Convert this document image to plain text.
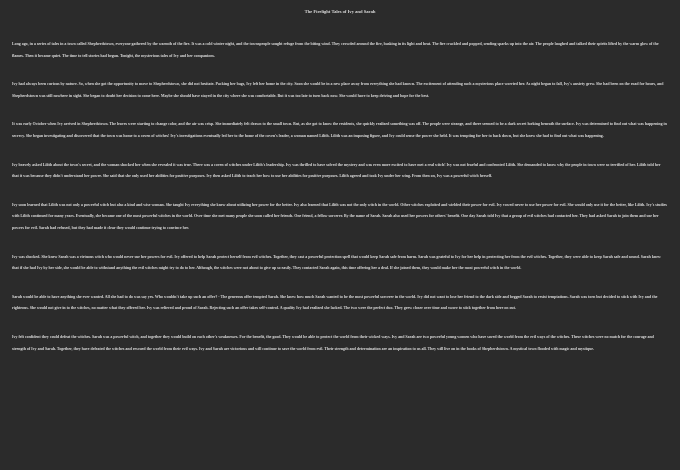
The Firelight Tales of Ivy and Sarah

Long ago, in a series of tales in a town called Shepherdstown, everyone gathered by the warmth of the fire. It was a cold winter night, and the townspeople sought refuge from the biting wind. They crowded around the fire, basking in its light and heat. The fire crackled and popped, sending sparks up into the air. The people laughed and talked their spirits lifted by the warm glow of the flames. Then it became quiet. The time to tell stories had begun. Tonight, the mysterious tales of Ivy and her companions.

Ivy had always been curious by nature. So, when she got the opportunity to move to Shepherdstown, she did not hesitate. Packing her bags, Ivy left her home in the city. Soon she would be in a new place away from everything she had known. The excitement of attending such a mysterious place worried her. As night began to fall, Ivy's anxiety grew. She had been on the road for hours, and Shepherdstown was still nowhere in sight. She began to doubt her decision to come here. Maybe she should have stayed in the city where she was comfortable. But it was too late to turn back now. She would have to keep driving and hope for the best.

It was early October when Ivy arrived in Shepherdstown. The leaves were starting to change color, and the air was crisp. She immediately felt drawn to the small town. But, as she got to know the residents, she quickly realized something was off. The people were strange, and there seemed to be a dark secret lurking beneath the surface. Ivy was determined to find out what was happening in secrecy. She began investigating and discovered that the town was home to a coven of witches! Ivy's investigations eventually led her to the home of the coven's leader, a woman named Lilith. Lilith was an imposing figure, and Ivy could sense the power she held. It was tempting for her to back down, but she knew she had to find out what was happening.

Ivy bravely asked Lilith about the town's secret, and the woman shocked her when she revealed it was true. There was a coven of witches under Lilith's leadership. Ivy was thrilled to have solved the mystery and was even more excited to have met a real witch! Ivy was not fearful and confronted Lilith. She demanded to know why the people in town were so terrified of her. Lilith told her that it was because they didn't understand her power. She said that she only used her abilities for positive purposes. Ivy then asked Lilith to teach her how to use her abilities for positive purposes. Lilith agreed and took Ivy under her wing. From then on, Ivy was a powerful witch herself.

Ivy soon learned that Lilith was not only a powerful witch but also a kind and wise woman. She taught Ivy everything she knew about utilizing her power for the better. Ivy also learned that Lilith was not the only witch in the world. Other witches exploited and wielded their power for evil. Ivy vowed never to use her power for evil. She would only use it for the better, like Lilith. Ivy's studies with Lilith continued for many years. Eventually, she became one of the most powerful witches in the world. Over time she met many people she soon called her friends. One friend, a fellow sorcerer. By the name of Sarah. Sarah also used her powers for others' benefit. One day Sarah told Ivy that a group of evil witches had contacted her. They had asked Sarah to join them and use her powers for evil. Sarah had refused, but they had made it clear they would continue trying to convince her.

Ivy was shocked. She knew Sarah was a virtuous witch who would never use her powers for evil. Ivy offered to help Sarah protect herself from evil witches. Together, they cast a powerful protection spell that would keep Sarah safe from harm. Sarah was grateful to Ivy for her help in protecting her from the evil witches. Together, they were able to keep Sarah safe and sound. Sarah knew that if she had Ivy by her side, she would be able to withstand anything the evil witches might try to do to her. Although, the witches were not about to give up so easily. They contacted Sarah again, this time offering her a deal. If she joined them, they would make her the most powerful witch in the world.

Sarah would be able to have anything she ever wanted. All she had to do was say yes. Who wouldn't take up such an offer? - The generous offer tempted Sarah. She knew how much Sarah wanted to be the most powerful sorcerer in the world. Ivy did not want to lose her friend to the dark side and begged Sarah to resist temptations. Sarah was torn but decided to stick with Ivy and the righteous. She would not give in to the witches, no matter what they offered her. Ivy was relieved and proud of Sarah. Rejecting such an offer takes self-control. A quality Ivy had realized she lacked. The two were the perfect duo. They grew closer over time and swore to stick together from here on out.

Ivy felt confident they could defeat the witches. Sarah was a powerful witch, and together they would build on each other's weaknesses. For the benefit, the good. They would be able to protect the world from their wicked ways. Ivy and Sarah are two powerful young women who have saved the world from the evil ways of the witches. These witches were no match for the courage and strength of Ivy and Sarah. Together, they have defeated the witches and rescued the world from their evil ways. Ivy and Sarah are victorious and will continue to save the world from evil. Their strength and determination are an inspiration to us all. They will live on in the books of Shepherdstown. A mystical town flooded with magic and mystique.
